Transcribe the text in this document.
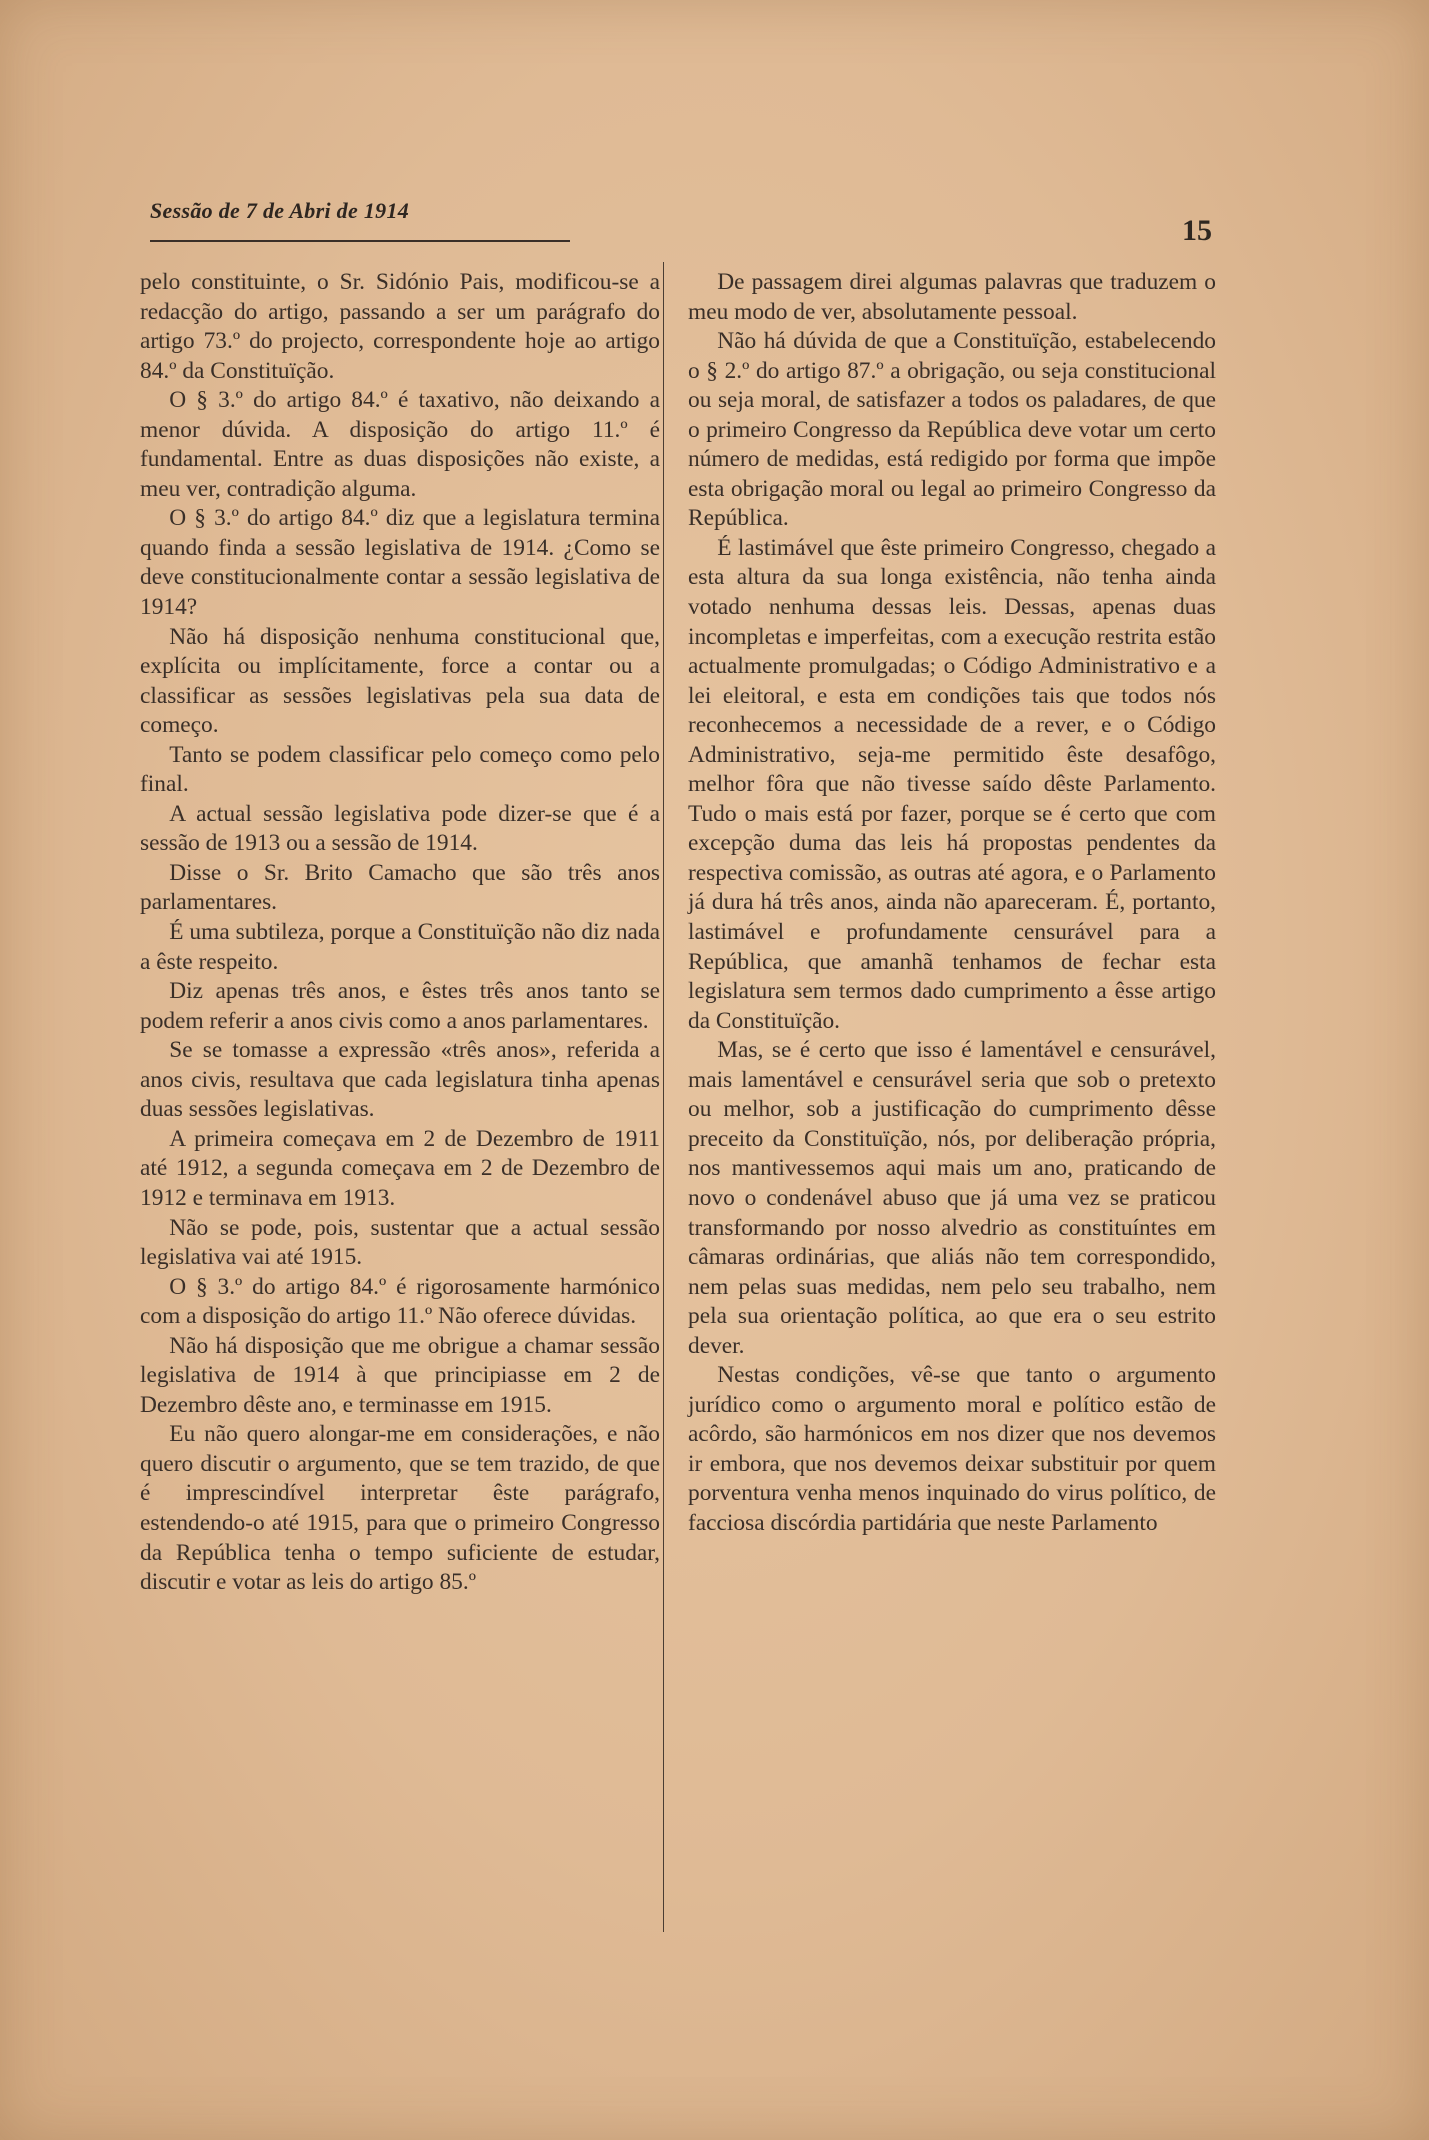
Sessão de 7 de Abri de 1914
15

pelo constituinte, o Sr. Sidónio Pais, modificou-se a redacção do artigo, passando a ser um parágrafo do artigo 73.º do projecto, correspondente hoje ao artigo 84.º da Constituïção.

O § 3.º do artigo 84.º é taxativo, não deixando a menor dúvida. A disposição do artigo 11.º é fundamental. Entre as duas disposições não existe, a meu ver, contradição alguma.

O § 3.º do artigo 84.º diz que a legislatura termina quando finda a sessão legislativa de 1914. ¿Como se deve constitucionalmente contar a sessão legislativa de 1914?

Não há disposição nenhuma constitucional que, explícita ou implícitamente, force a contar ou a classificar as sessões legislativas pela sua data de começo.

Tanto se podem classificar pelo começo como pelo final.

A actual sessão legislativa pode dizer-se que é a sessão de 1913 ou a sessão de 1914.

Disse o Sr. Brito Camacho que são três anos parlamentares.

É uma subtileza, porque a Constituïção não diz nada a êste respeito.

Diz apenas três anos, e êstes três anos tanto se podem referir a anos civis como a anos parlamentares.

Se se tomasse a expressão «três anos», referida a anos civis, resultava que cada legislatura tinha apenas duas sessões legislativas.

A primeira começava em 2 de Dezembro de 1911 até 1912, a segunda começava em 2 de Dezembro de 1912 e terminava em 1913.

Não se pode, pois, sustentar que a actual sessão legislativa vai até 1915.

O § 3.º do artigo 84.º é rigorosamente harmónico com a disposição do artigo 11.º Não oferece dúvidas.

Não há disposição que me obrigue a chamar sessão legislativa de 1914 à que principiasse em 2 de Dezembro dêste ano, e terminasse em 1915.

Eu não quero alongar-me em considerações, e não quero discutir o argumento, que se tem trazido, de que é imprescindível interpretar êste parágrafo, estendendo-o até 1915, para que o primeiro Congresso da República tenha o tempo suficiente de estudar, discutir e votar as leis do artigo 85.º

De passagem direi algumas palavras que traduzem o meu modo de ver, absolutamente pessoal.

Não há dúvida de que a Constituïção, estabelecendo o § 2.º do artigo 87.º a obrigação, ou seja constitucional ou seja moral, de satisfazer a todos os paladares, de que o primeiro Congresso da República deve votar um certo número de medidas, está redigido por forma que impõe esta obrigação moral ou legal ao primeiro Congresso da República.

É lastimável que êste primeiro Congresso, chegado a esta altura da sua longa existência, não tenha ainda votado nenhuma dessas leis. Dessas, apenas duas incompletas e imperfeitas, com a execução restrita estão actualmente promulgadas; o Código Administrativo e a lei eleitoral, e esta em condições tais que todos nós reconhecemos a necessidade de a rever, e o Código Administrativo, seja-me permitido êste desafôgo, melhor fôra que não tivesse saído dêste Parlamento. Tudo o mais está por fazer, porque se é certo que com excepção duma das leis há propostas pendentes da respectiva comissão, as outras até agora, e o Parlamento já dura há três anos, ainda não apareceram. É, portanto, lastimável e profundamente censurável para a República, que amanhã tenhamos de fechar esta legislatura sem termos dado cumprimento a êsse artigo da Constituïção.

Mas, se é certo que isso é lamentável e censurável, mais lamentável e censurável seria que sob o pretexto ou melhor, sob a justificação do cumprimento dêsse preceito da Constituïção, nós, por deliberação própria, nos mantivessemos aqui mais um ano, praticando de novo o condenável abuso que já uma vez se praticou transformando por nosso alvedrio as constituíntes em câmaras ordinárias, que aliás não tem correspondido, nem pelas suas medidas, nem pelo seu trabalho, nem pela sua orientação política, ao que era o seu estrito dever.

Nestas condições, vê-se que tanto o argumento jurídico como o argumento moral e político estão de acôrdo, são harmónicos em nos dizer que nos devemos ir embora, que nos devemos deixar substituir por quem porventura venha menos inquinado do virus político, de facciosa discórdia partidária que neste Parlamento
